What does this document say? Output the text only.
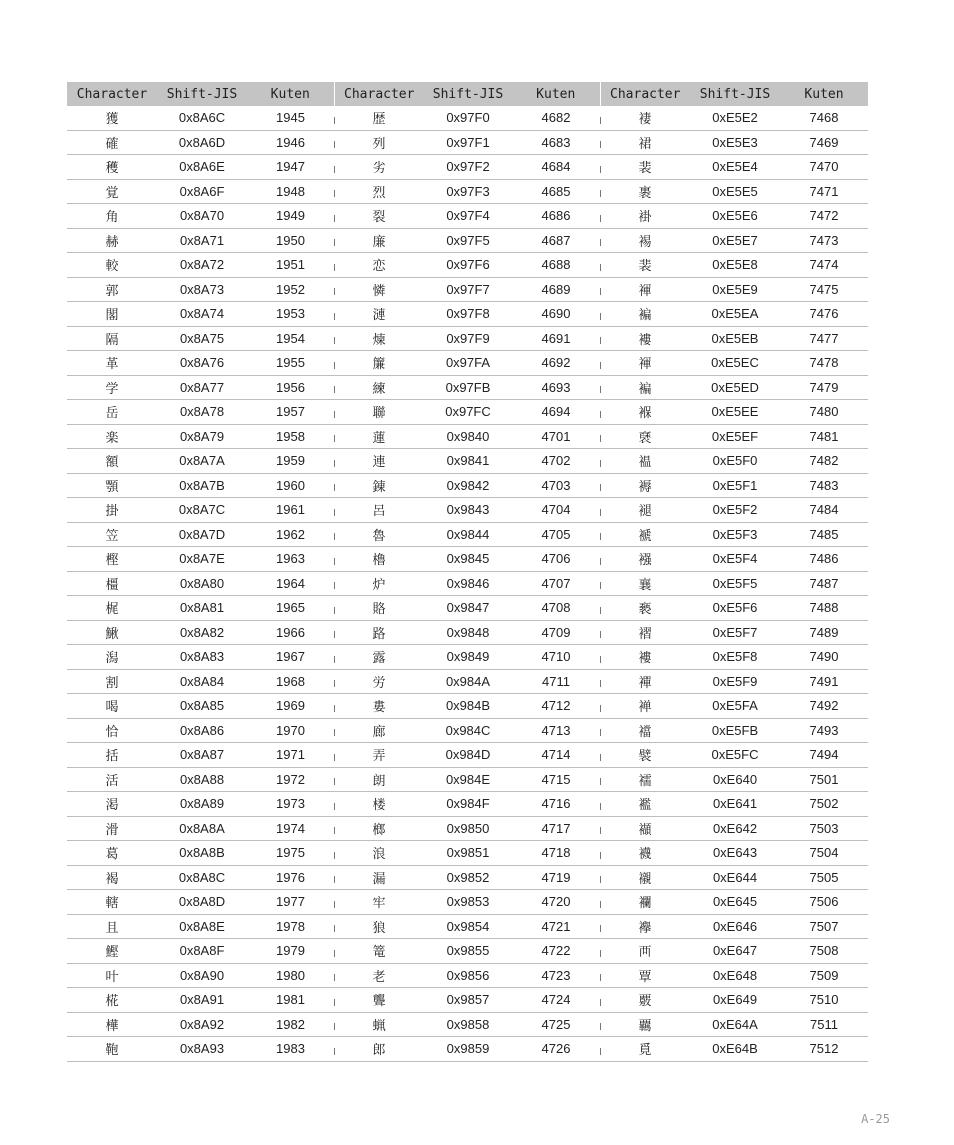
Character	Shift-JIS	Kuten	Character	Shift-JIS	Kuten	Character	Shift-JIS	Kuten
獲	0x8A6C	1945	歴	0x97F0	4682	褄	0xE5E2	7468
確	0x8A6D	1946	列	0x97F1	4683	裙	0xE5E3	7469
穫	0x8A6E	1947	劣	0x97F2	4684	裴	0xE5E4	7470
覚	0x8A6F	1948	烈	0x97F3	4685	裹	0xE5E5	7471
角	0x8A70	1949	裂	0x97F4	4686	褂	0xE5E6	7472
赫	0x8A71	1950	廉	0x97F5	4687	裼	0xE5E7	7473
較	0x8A72	1951	恋	0x97F6	4688	裴	0xE5E8	7474
郭	0x8A73	1952	憐	0x97F7	4689	褌	0xE5E9	7475
閣	0x8A74	1953	漣	0x97F8	4690	褊	0xE5EA	7476
隔	0x8A75	1954	煉	0x97F9	4691	褸	0xE5EB	7477
革	0x8A76	1955	簾	0x97FA	4692	褌	0xE5EC	7478
学	0x8A77	1956	練	0x97FB	4693	褊	0xE5ED	7479
岳	0x8A78	1957	聯	0x97FC	4694	褓	0xE5EE	7480
楽	0x8A79	1958	蓮	0x9840	4701	褎	0xE5EF	7481
額	0x8A7A	1959	連	0x9841	4702	褞	0xE5F0	7482
顎	0x8A7B	1960	錬	0x9842	4703	褥	0xE5F1	7483
掛	0x8A7C	1961	呂	0x9843	4704	褪	0xE5F2	7484
笠	0x8A7D	1962	魯	0x9844	4705	褫	0xE5F3	7485
樫	0x8A7E	1963	櫓	0x9845	4706	襁	0xE5F4	7486
橿	0x8A80	1964	炉	0x9846	4707	襄	0xE5F5	7487
梶	0x8A81	1965	賂	0x9847	4708	褻	0xE5F6	7488
鰍	0x8A82	1966	路	0x9848	4709	褶	0xE5F7	7489
潟	0x8A83	1967	露	0x9849	4710	褸	0xE5F8	7490
割	0x8A84	1968	労	0x984A	4711	襌	0xE5F9	7491
喝	0x8A85	1969	婁	0x984B	4712	褝	0xE5FA	7492
恰	0x8A86	1970	廊	0x984C	4713	襠	0xE5FB	7493
括	0x8A87	1971	弄	0x984D	4714	襞	0xE5FC	7494
活	0x8A88	1972	朗	0x984E	4715	襦	0xE640	7501
渇	0x8A89	1973	楼	0x984F	4716	襤	0xE641	7502
滑	0x8A8A	1974	榔	0x9850	4717	襭	0xE642	7503
葛	0x8A8B	1975	浪	0x9851	4718	襪	0xE643	7504
褐	0x8A8C	1976	漏	0x9852	4719	襯	0xE644	7505
轄	0x8A8D	1977	牢	0x9853	4720	襴	0xE645	7506
且	0x8A8E	1978	狼	0x9854	4721	襷	0xE646	7507
鰹	0x8A8F	1979	篭	0x9855	4722	襾	0xE647	7508
叶	0x8A90	1980	老	0x9856	4723	覃	0xE648	7509
椛	0x8A91	1981	聾	0x9857	4724	覈	0xE649	7510
樺	0x8A92	1982	蝋	0x9858	4725	覊	0xE64A	7511
鞄	0x8A93	1983	郎	0x9859	4726	覓	0xE64B	7512
A-25
